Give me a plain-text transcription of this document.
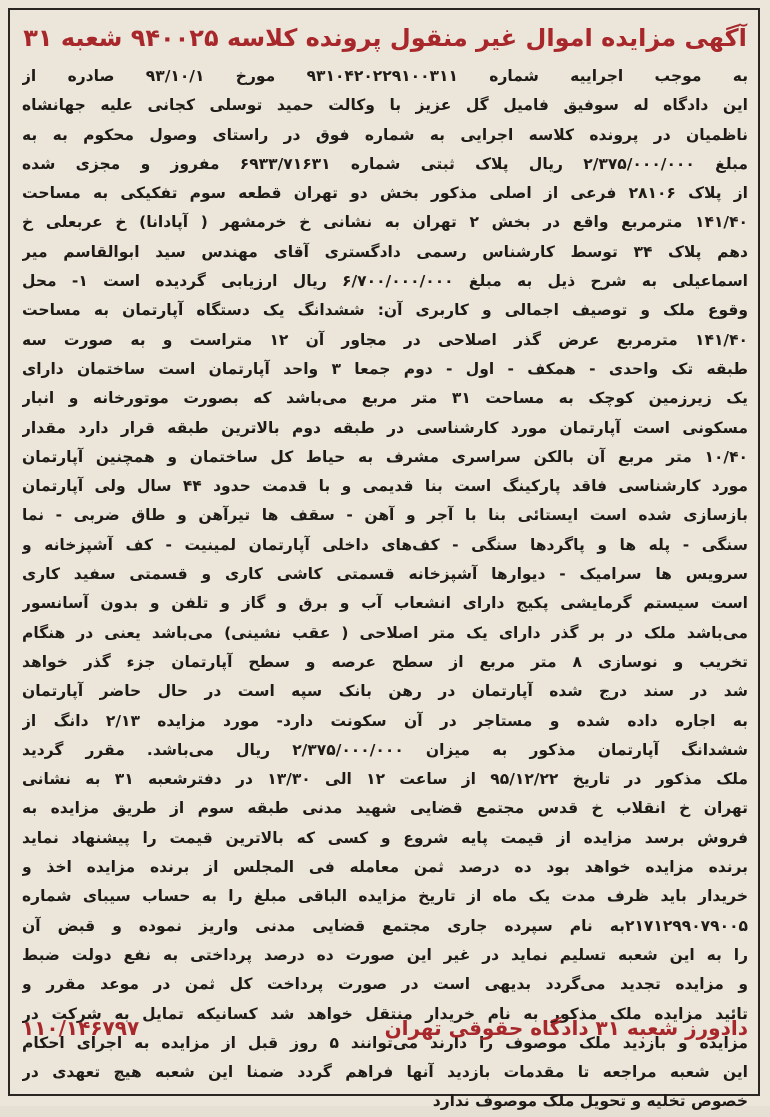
آگهی مزایده اموال غیر منقول پرونده کلاسه ۹۴۰۰۲۵ شعبه ۳۱
به موجب اجراییه شماره ۹۳۱۰۴۲۰۲۲۹۱۰۰۳۱۱ مورخ ۹۳/۱۰/۱ صادره از
این دادگاه له سوفیق فامیل گل عزیز با وکالت حمید توسلی کجانی علیه جهانشاه
ناظمیان در پرونده کلاسه اجرایی به شماره فوق در راستای وصول محکوم به به
مبلغ ۲/۳۷۵/۰۰۰/۰۰۰ ریال پلاک ثبتی شماره ۶۹۳۳/۷۱۶۳۱ مفروز و مجزی شده
از پلاک ۲۸۱۰۶ فرعی از اصلی مذکور بخش دو تهران قطعه سوم تفکیکی به مساحت
۱۴۱/۴۰ مترمربع واقع در بخش ۲ تهران به نشانی خ خرمشهر ( آپادانا) خ عربعلی خ
دهم پلاک ۳۴ توسط کارشناس رسمی دادگستری آقای مهندس سید ابوالقاسم میر
اسماعیلی به شرح ذیل به مبلغ ۶/۷۰۰/۰۰۰/۰۰۰ ریال ارزیابی گردیده است ۱- محل
وقوع ملک و توصیف اجمالی و کاربری آن: ششدانگ یک دستگاه آپارتمان به مساحت
۱۴۱/۴۰ مترمربع عرض گذر اصلاحی در مجاور آن ۱۲ متراست و به صورت سه
طبقه تک واحدی - همکف - اول - دوم جمعا ۳ واحد آپارتمان است ساختمان دارای
یک زیرزمین کوچک به مساحت ۳۱ متر مربع می‌باشد که بصورت موتورخانه و انبار
مسکونی است آپارتمان مورد کارشناسی در طبقه دوم بالاترین طبقه قرار دارد مقدار
۱۰/۴۰ متر مربع آن بالکن سراسری مشرف به حیاط کل ساختمان و همچنین آپارتمان
مورد کارشناسی فاقد پارکینگ است بنا قدیمی و با قدمت حدود ۴۴ سال ولی آپارتمان
بازسازی شده است ایستائی بنا با آجر و آهن - سقف ها تیرآهن و طاق ضربی - نما
سنگی - پله ها و پاگردها سنگی - کف‌های داخلی آپارتمان لمینیت - کف آشپزخانه و
سرویس ها سرامیک - دیوارها آشپزخانه قسمتی کاشی کاری و قسمتی سفید کاری
است سیستم گرمایشی پکیج دارای انشعاب آب و برق و گاز و تلفن و بدون آسانسور
می‌باشد ملک در بر گذر دارای یک متر اصلاحی ( عقب نشینی) می‌باشد یعنی در هنگام
تخریب و نوسازی ۸ متر مربع از سطح عرصه و سطح آپارتمان جزء گذر خواهد
شد در سند درج شده آپارتمان در رهن بانک سپه است در حال حاضر آپارتمان
به اجاره داده شده و مستاجر در آن سکونت دارد- مورد مزایده ۲/۱۳ دانگ از
ششدانگ آپارتمان مذکور به میزان ۲/۳۷۵/۰۰۰/۰۰۰ ریال می‌باشد. مقرر گردید
ملک مذکور در تاریخ ۹۵/۱۲/۲۲ از ساعت ۱۲ الی ۱۳/۳۰ در دفترشعبه ۳۱ به نشانی
تهران خ انقلاب خ قدس مجتمع قضایی شهید مدنی طبقه سوم از طریق مزایده به
فروش برسد مزایده از قیمت پایه شروع و کسی که بالاترین قیمت را پیشنهاد نماید
برنده مزایده خواهد بود ده درصد ثمن معامله فی المجلس از برنده مزایده اخذ و
خریدار باید ظرف مدت یک ماه از تاریخ مزایده الباقی مبلغ را به حساب سیبای شماره
۲۱۷۱۲۹۹۰۷۹۰۰۵به نام سپرده جاری مجتمع قضایی مدنی واریز نموده و قبض آن
را به این شعبه تسلیم نماید در غیر این صورت ده درصد پرداختی به نفع دولت ضبط
و مزایده تجدید می‌گردد بدیهی است در صورت پرداخت کل ثمن در موعد مقرر و
تائید مزایده ملک مذکور به نام خریدار منتقل خواهد شد کسانیکه تمایل به شرکت در
مزایده و بازدید ملک موصوف را دارند می‌توانند ۵ روز قبل از مزایده به اجرای احکام
این شعبه مراجعه تا مقدمات بازدید آنها فراهم گردد ضمنا این شعبه هیچ تعهدی در
خصوص تخلیه و تحویل ملک موصوف ندارد
دادورز شعبه ۳۱ دادگاه حقوقی تهران
۱۱۰/۱۴۶۷۹۷
